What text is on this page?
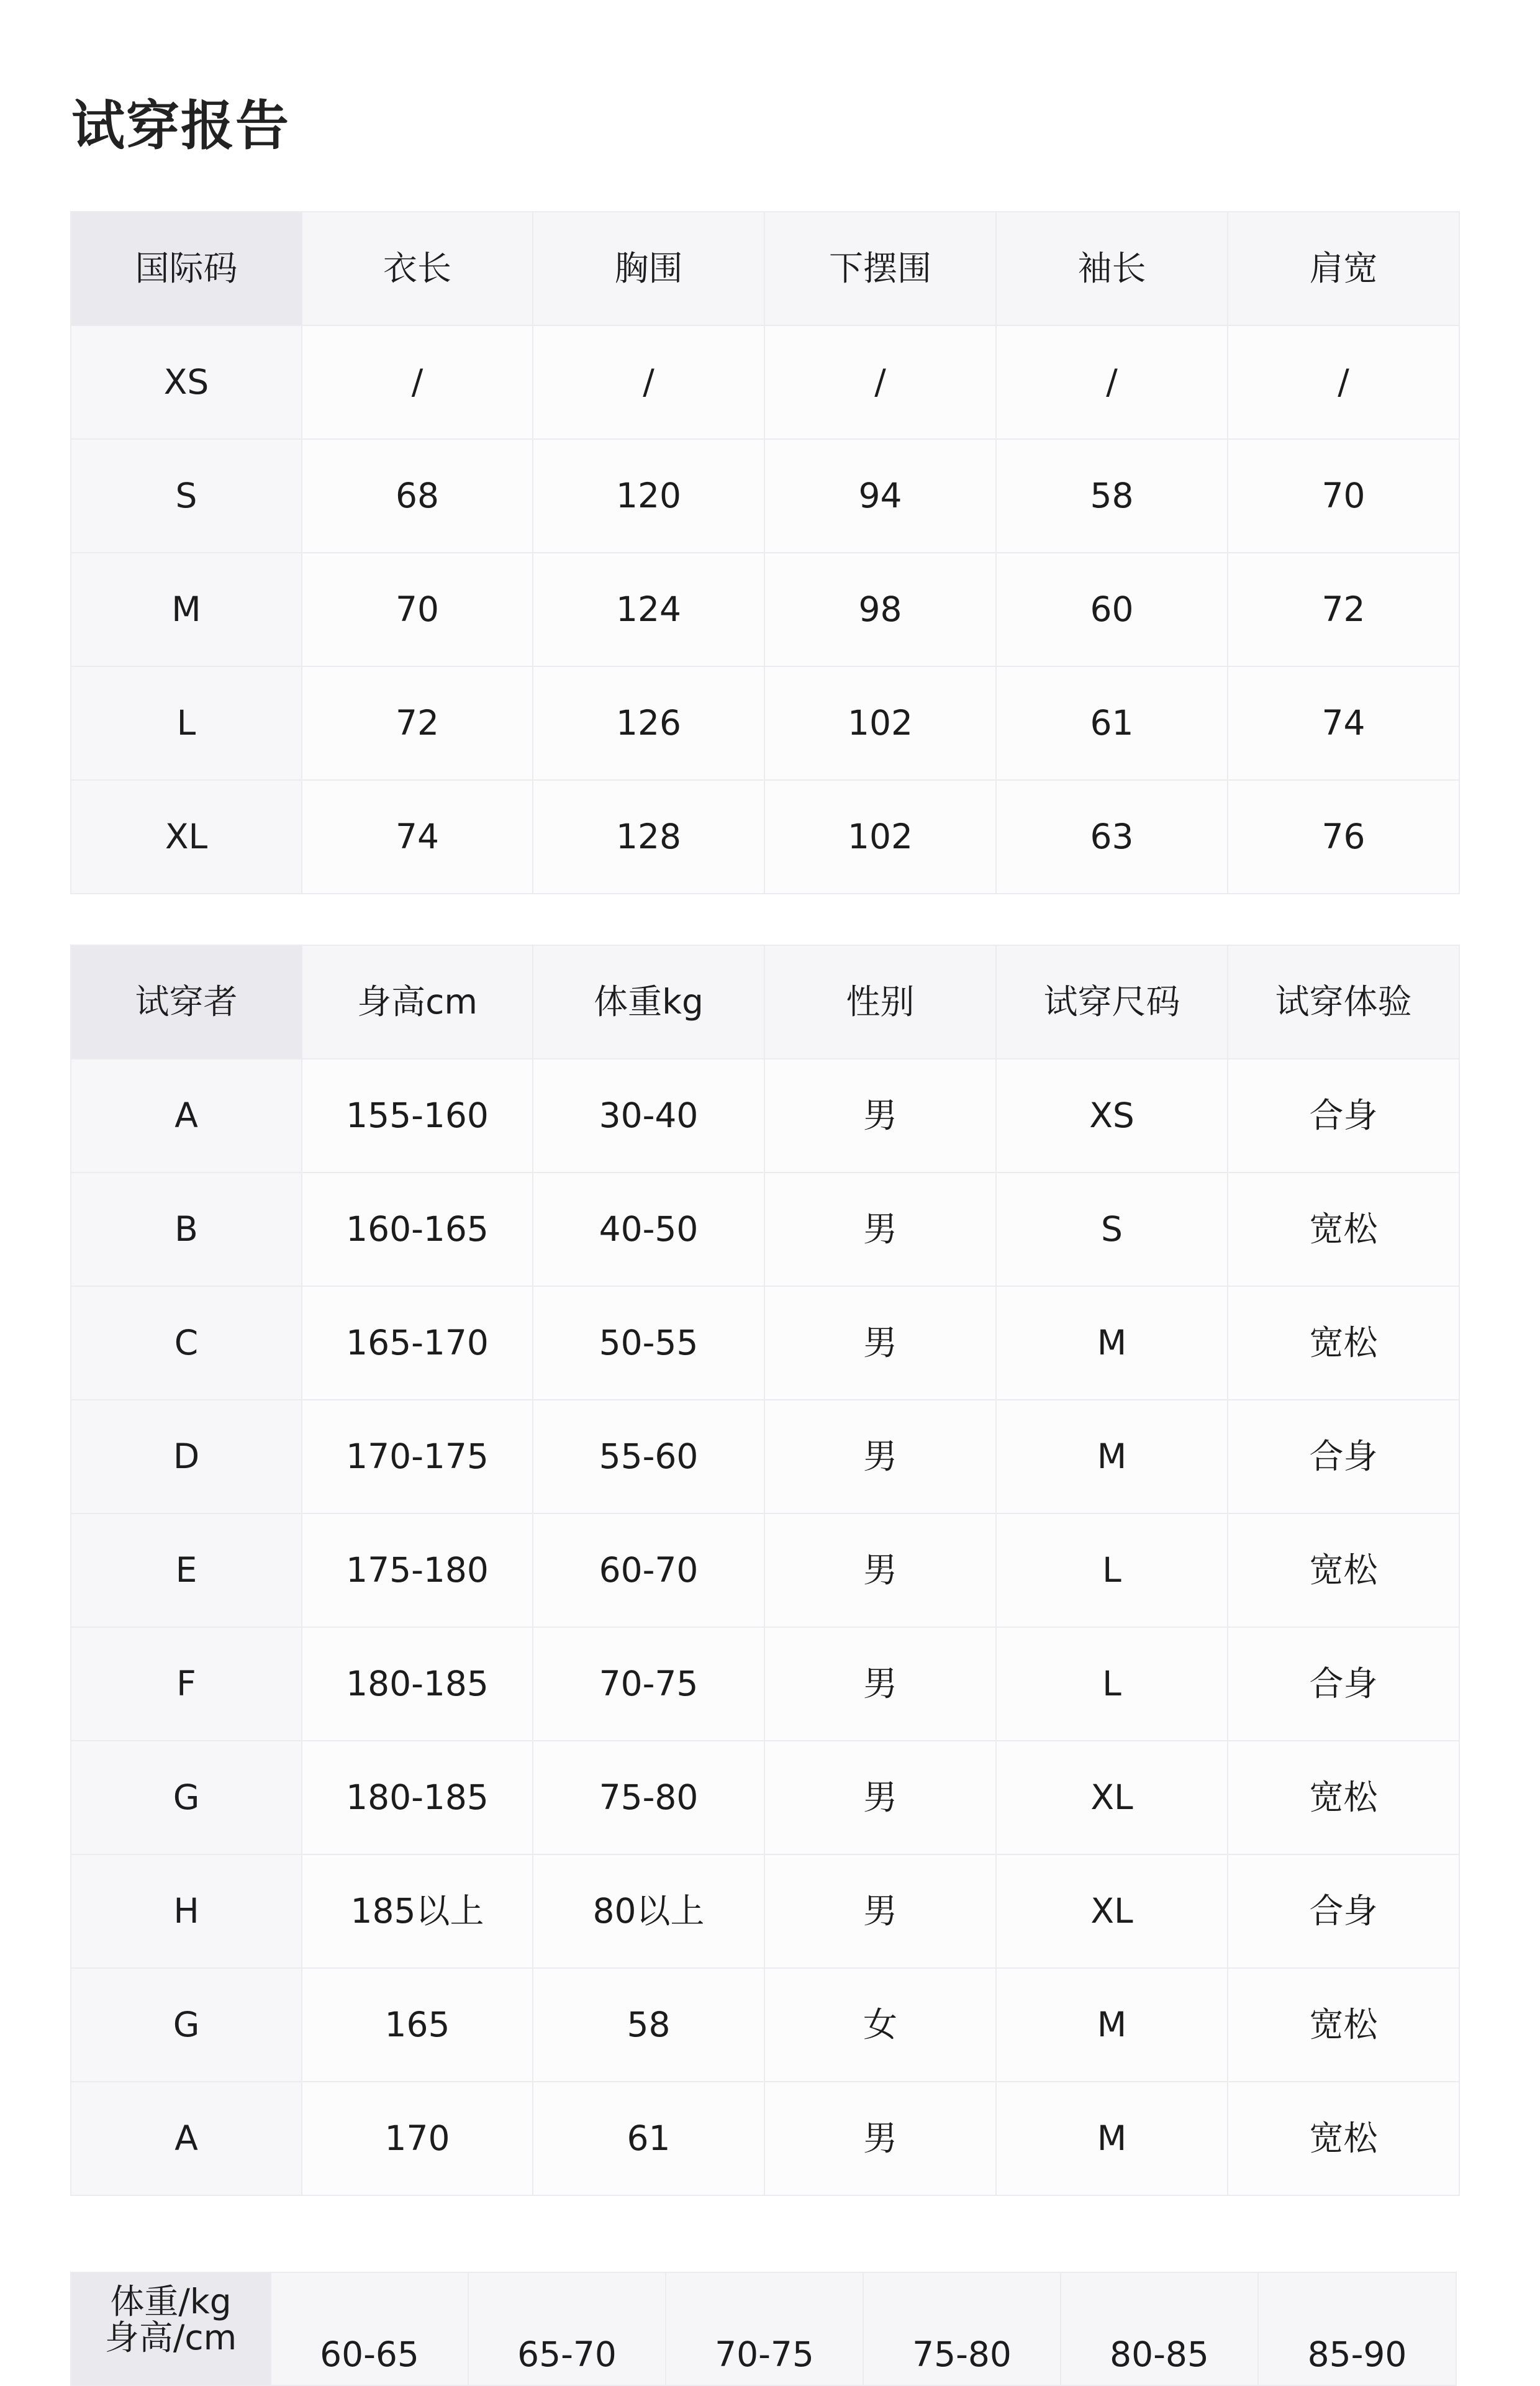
试穿报告
国际码	衣长	胸围	下摆围	袖长	肩宽
XS	/	/	/	/	/
S	68	120	94	58	70
M	70	124	98	60	72
L	72	126	102	61	74
XL	74	128	102	63	76
试穿者	身高cm	体重kg	性别	试穿尺码	试穿体验
A	155-160	30-40	男	XS	合身
B	160-165	40-50	男	S	宽松
C	165-170	50-55	男	M	宽松
D	170-175	55-60	男	M	合身
E	175-180	60-70	男	L	宽松
F	180-185	70-75	男	L	合身
G	180-185	75-80	男	XL	宽松
H	185以上	80以上	男	XL	合身
G	165	58	女	M	宽松
A	170	61	男	M	宽松
体重/kg
身高/cm	60-65	65-70	70-75	75-80	80-85	85-90
